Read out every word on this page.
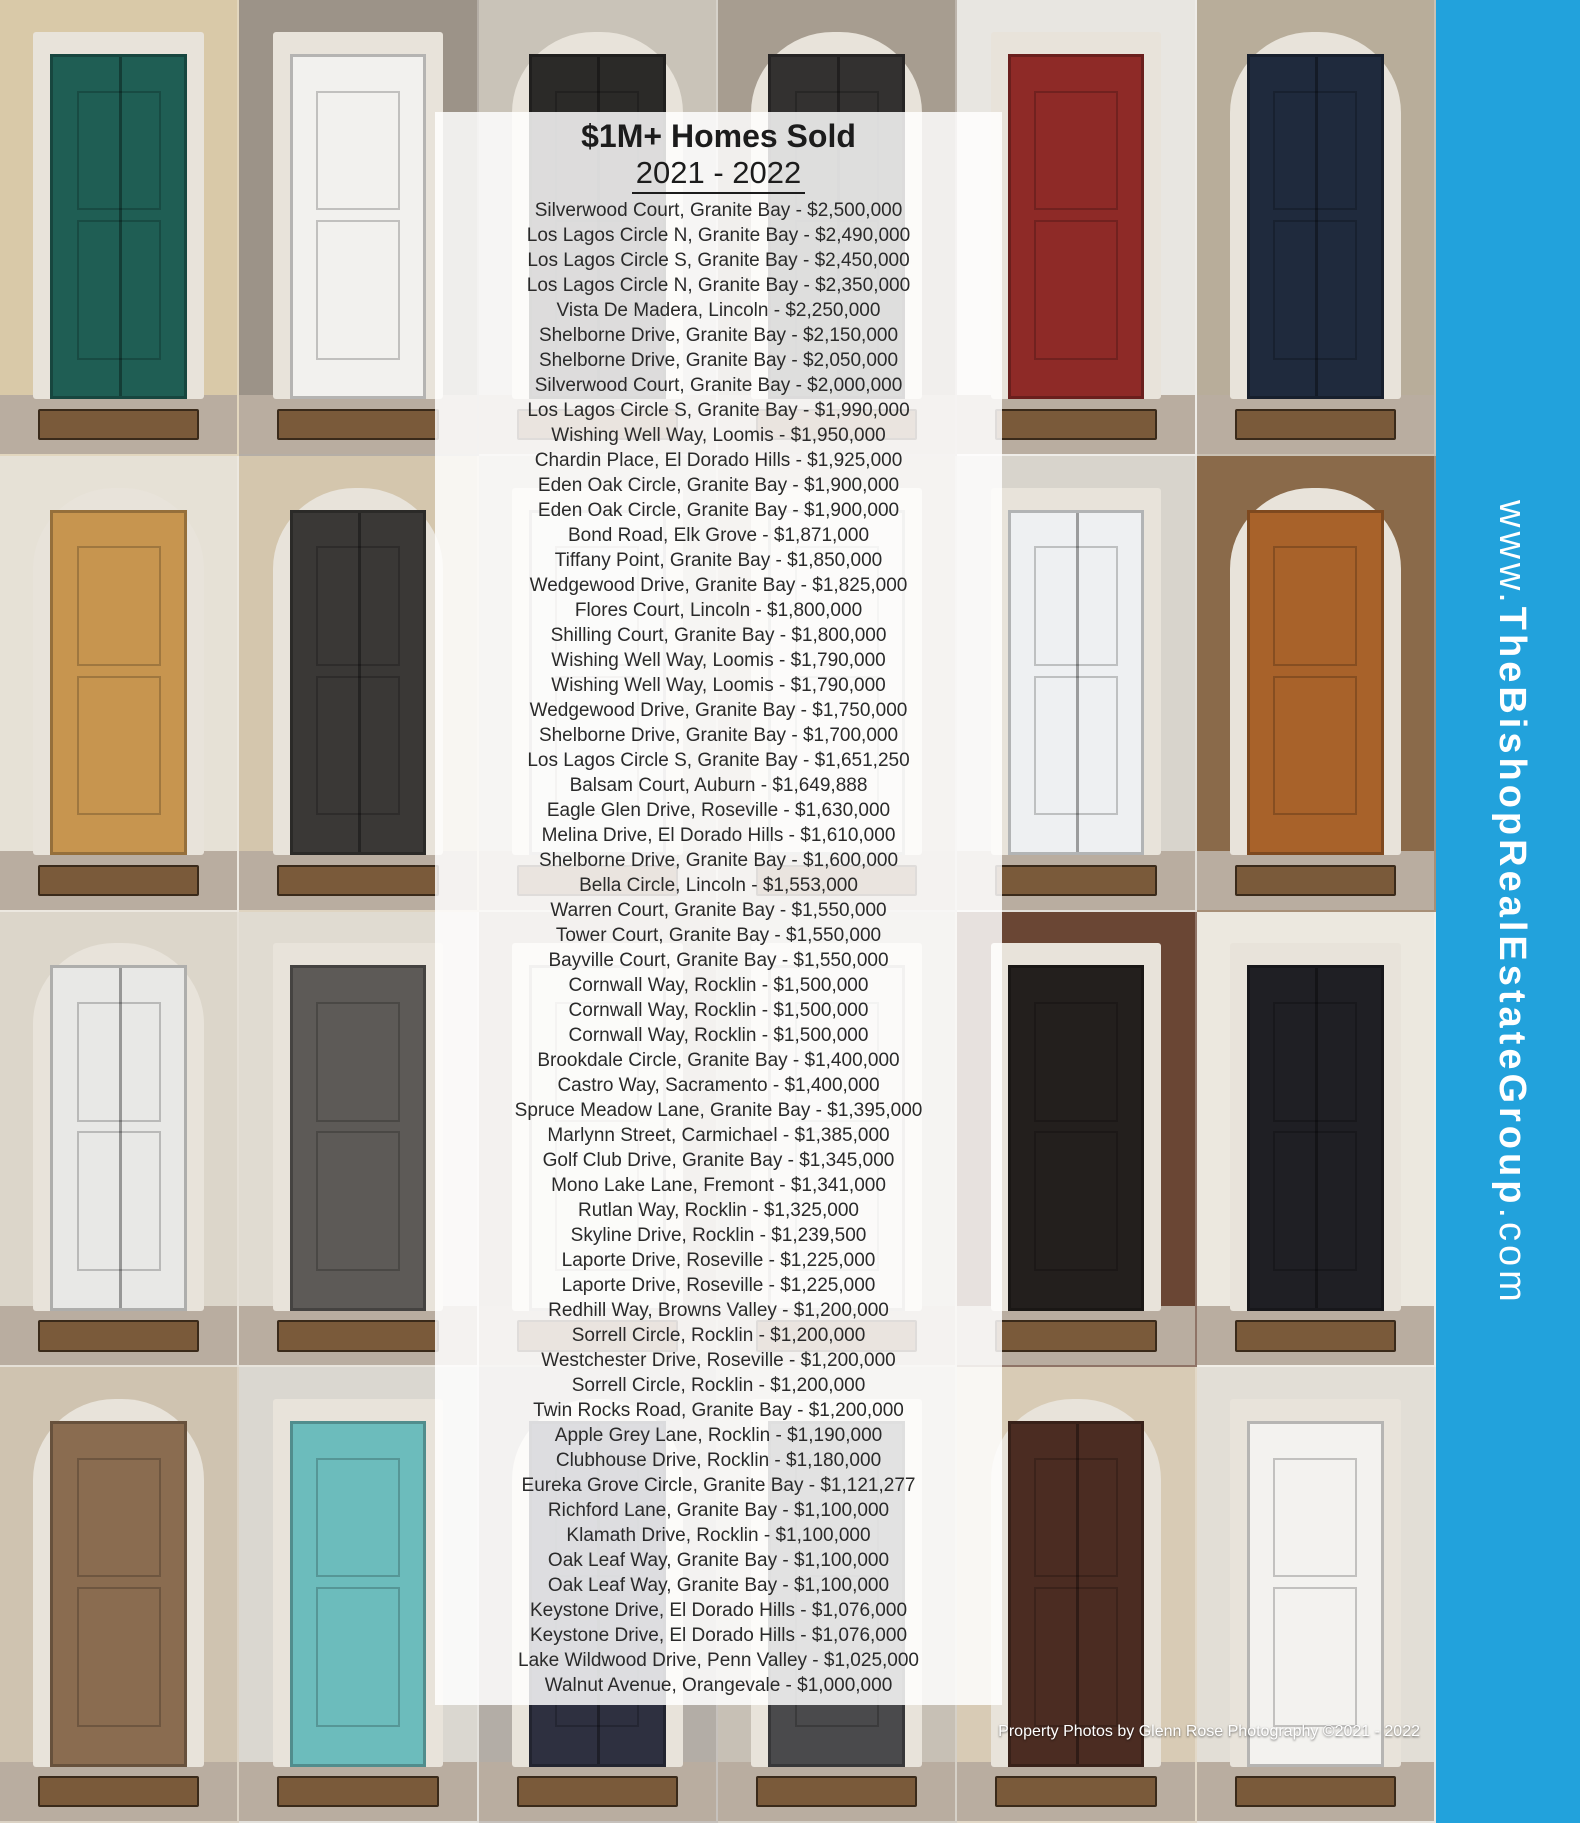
$1M+ Homes Sold
2021 - 2022
Silverwood Court, Granite Bay - $2,500,000
Los Lagos Circle N, Granite Bay - $2,490,000
Los Lagos Circle S, Granite Bay - $2,450,000
Los Lagos Circle N, Granite Bay - $2,350,000
Vista De Madera, Lincoln - $2,250,000
Shelborne Drive, Granite Bay - $2,150,000
Shelborne Drive, Granite Bay - $2,050,000
Silverwood Court, Granite Bay - $2,000,000
Los Lagos Circle S, Granite Bay - $1,990,000
Wishing Well Way, Loomis - $1,950,000
Chardin Place, El Dorado Hills - $1,925,000
Eden Oak Circle, Granite Bay - $1,900,000
Eden Oak Circle, Granite Bay - $1,900,000
Bond Road, Elk Grove - $1,871,000
Tiffany Point, Granite Bay - $1,850,000
Wedgewood Drive, Granite Bay - $1,825,000
Flores Court, Lincoln - $1,800,000
Shilling Court, Granite Bay - $1,800,000
Wishing Well Way, Loomis - $1,790,000
Wishing Well Way, Loomis - $1,790,000
Wedgewood Drive, Granite Bay - $1,750,000
Shelborne Drive, Granite Bay - $1,700,000
Los Lagos Circle S, Granite Bay - $1,651,250
Balsam Court, Auburn - $1,649,888
Eagle Glen Drive, Roseville - $1,630,000
Melina Drive, El Dorado Hills - $1,610,000
Shelborne Drive, Granite Bay - $1,600,000
Bella Circle, Lincoln - $1,553,000
Warren Court, Granite Bay - $1,550,000
Tower Court, Granite Bay - $1,550,000
Bayville Court, Granite Bay - $1,550,000
Cornwall Way, Rocklin - $1,500,000
Cornwall Way, Rocklin - $1,500,000
Cornwall Way, Rocklin - $1,500,000
Brookdale Circle, Granite Bay - $1,400,000
Castro Way, Sacramento - $1,400,000
Spruce Meadow Lane, Granite Bay - $1,395,000
Marlynn Street, Carmichael - $1,385,000
Golf Club Drive, Granite Bay - $1,345,000
Mono Lake Lane, Fremont - $1,341,000
Rutlan Way, Rocklin - $1,325,000
Skyline Drive, Rocklin - $1,239,500
Laporte Drive, Roseville - $1,225,000
Laporte Drive, Roseville - $1,225,000
Redhill Way, Browns Valley - $1,200,000
Sorrell Circle, Rocklin - $1,200,000
Westchester Drive, Roseville - $1,200,000
Sorrell Circle, Rocklin - $1,200,000
Twin Rocks Road, Granite Bay - $1,200,000
Apple Grey Lane, Rocklin - $1,190,000
Clubhouse Drive, Rocklin - $1,180,000
Eureka Grove Circle, Granite Bay - $1,121,277
Richford Lane, Granite Bay - $1,100,000
Klamath Drive, Rocklin - $1,100,000
Oak Leaf Way, Granite Bay - $1,100,000
Oak Leaf Way, Granite Bay - $1,100,000
Keystone Drive, El Dorado Hills - $1,076,000
Keystone Drive, El Dorado Hills - $1,076,000
Lake Wildwood Drive, Penn Valley - $1,025,000
Walnut Avenue, Orangevale - $1,000,000
Property Photos by Glenn Rose Photography ©2021 - 2022
www.TheBishopRealEstateGroup.com
